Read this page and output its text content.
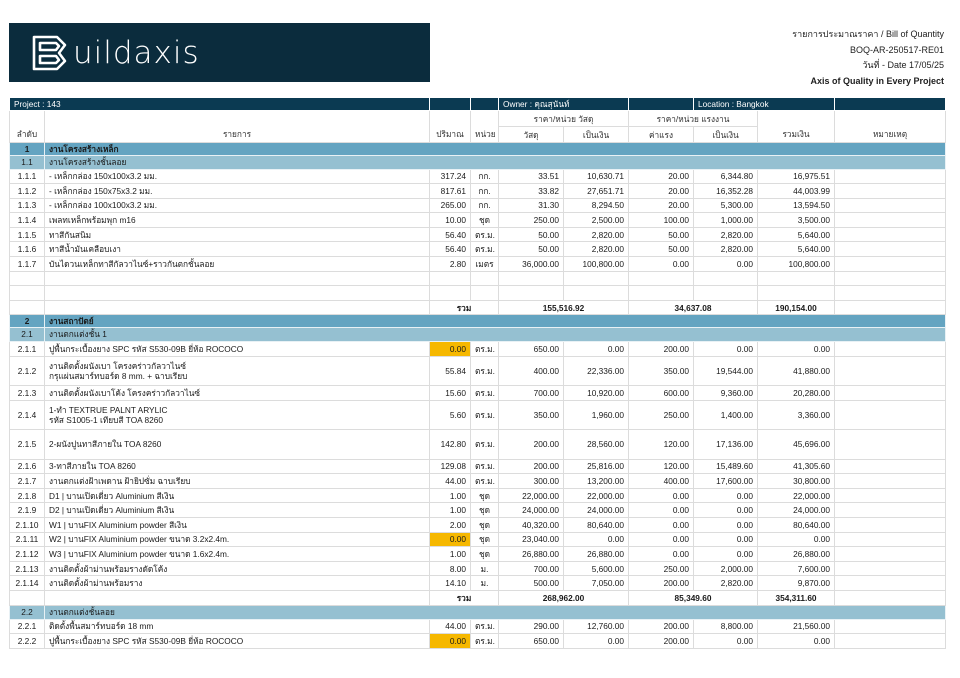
uildaxis
รายการประมาณราคา / Bill of Quantity
BOQ-AR-250517-RE01
วันที่ - Date 17/05/25
Axis of Quality in Every Project
Project : 143				Owner : คุณสุนันท์			Location : Bangkok		
ลำดับ	รายการ	ปริมาณ	หน่วย	ราคา/หน่วย วัสดุ		ราคา/หน่วย แรงงาน		รวมเงิน	หมายเหตุ
				วัสดุ	เป็นเงิน	ค่าแรง	เป็นเงิน		
1	งานโครงสร้างเหล็ก								
1.1	งานโครงสร้างชั้นลอย								
1.1.1	- เหล็กกล่อง 150x100x3.2 มม.	317.24	กก.	33.51	10,630.71	20.00	6,344.80	16,975.51	
1.1.2	- เหล็กกล่อง 150x75x3.2 มม.	817.61	กก.	33.82	27,651.71	20.00	16,352.28	44,003.99	
1.1.3	- เหล็กกล่อง 100x100x3.2 มม.	265.00	กก.	31.30	8,294.50	20.00	5,300.00	13,594.50	
1.1.4	เพลทเหล็กพร้อมพุก m16	10.00	ชุด	250.00	2,500.00	100.00	1,000.00	3,500.00	
1.1.5	ทาสีกันสนิม	56.40	ตร.ม.	50.00	2,820.00	50.00	2,820.00	5,640.00	
1.1.6	ทาสีน้ำมันเคลือบเงา	56.40	ตร.ม.	50.00	2,820.00	50.00	2,820.00	5,640.00	
1.1.7	บันไดวนเหล็กทาสีกัลวาไนซ์+ราวกันตกชั้นลอย	2.80	เมตร	36,000.00	100,800.00	0.00	0.00	100,800.00	

		รวม		155,516.92		34,637.08		190,154.00	
2	งานสถาปัตย์								
2.1	งานตกแต่งชั้น 1								
2.1.1	ปูพื้นกระเบื้องยาง SPC รหัส S530-09B ยี่ห้อ ROCOCO	0.00	ตร.ม.	650.00	0.00	200.00	0.00	0.00	
2.1.2	งานติดตั้งผนังเบา โครงคร่าวกัลวาไนซ์
กรุแผ่นสมาร์ทบอร์ด 8 mm. + ฉาบเรียบ	55.84	ตร.ม.	400.00	22,336.00	350.00	19,544.00	41,880.00	
2.1.3	งานติดตั้งผนังเบาโค้ง โครงคร่าวกัลวาไนซ์	15.60	ตร.ม.	700.00	10,920.00	600.00	9,360.00	20,280.00	
2.1.4	1-ทำ TEXTRUE PALNT ARYLIC
รหัส S1005-1 เทียบสี TOA 8260	5.60	ตร.ม.	350.00	1,960.00	250.00	1,400.00	3,360.00	
2.1.5	2-ผนังปูนทาสีภายใน TOA 8260	142.80	ตร.ม.	200.00	28,560.00	120.00	17,136.00	45,696.00	
2.1.6	3-ทาสีภายใน TOA 8260	129.08	ตร.ม.	200.00	25,816.00	120.00	15,489.60	41,305.60	
2.1.7	งานตกแต่งฝ้าเพดาน ฝ้ายิปซั่ม ฉาบเรียบ	44.00	ตร.ม.	300.00	13,200.00	400.00	17,600.00	30,800.00	
2.1.8	D1 | บานเปิดเดี่ยว Aluminium สีเงิน	1.00	ชุด	22,000.00	22,000.00	0.00	0.00	22,000.00	
2.1.9	D2 | บานเปิดเดี่ยว Aluminium สีเงิน	1.00	ชุด	24,000.00	24,000.00	0.00	0.00	24,000.00	
2.1.10	W1 | บานFIX Aluminium powder สีเงิน	2.00	ชุด	40,320.00	80,640.00	0.00	0.00	80,640.00	
2.1.11	W2 | บานFIX Aluminium powder ขนาด 3.2x2.4m.	0.00	ชุด	23,040.00	0.00	0.00	0.00	0.00	
2.1.12	W3 | บานFIX Aluminium powder ขนาด 1.6x2.4m.	1.00	ชุด	26,880.00	26,880.00	0.00	0.00	26,880.00	
2.1.13	งานติดตั้งผ้าม่านพร้อมรางดัดโค้ง	8.00	ม.	700.00	5,600.00	250.00	2,000.00	7,600.00	
2.1.14	งานติดตั้งผ้าม่านพร้อมราง	14.10	ม.	500.00	7,050.00	200.00	2,820.00	9,870.00	
		รวม		268,962.00		85,349.60		354,311.60	
2.2	งานตกแต่งชั้นลอย								
2.2.1	ติดตั้งพื้นสมาร์ทบอร์ด 18 mm	44.00	ตร.ม.	290.00	12,760.00	200.00	8,800.00	21,560.00	
2.2.2	ปูพื้นกระเบื้องยาง SPC รหัส S530-09B ยี่ห้อ ROCOCO	0.00	ตร.ม.	650.00	0.00	200.00	0.00	0.00	
